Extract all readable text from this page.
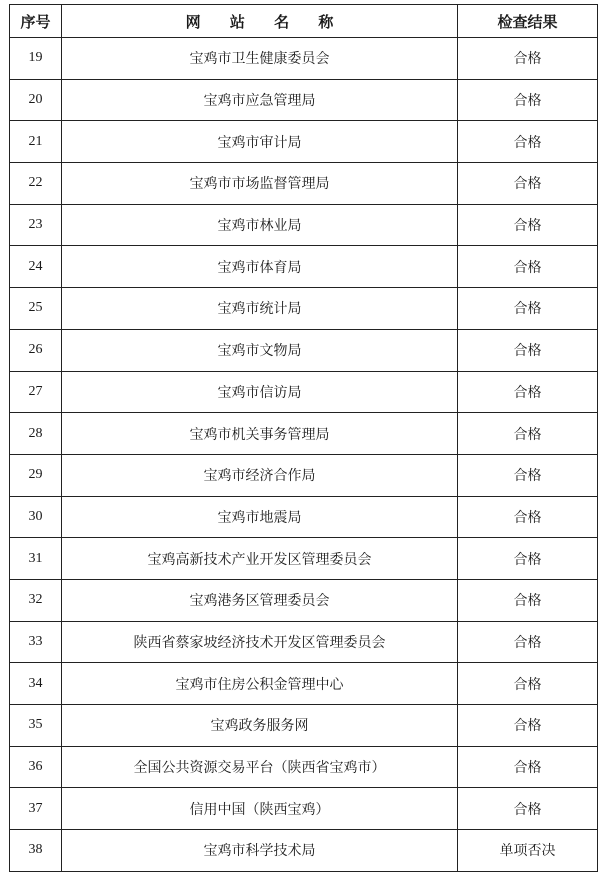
序号	网 站 名 称	检查结果
19	宝鸡市卫生健康委员会	合格
20	宝鸡市应急管理局	合格
21	宝鸡市审计局	合格
22	宝鸡市市场监督管理局	合格
23	宝鸡市林业局	合格
24	宝鸡市体育局	合格
25	宝鸡市统计局	合格
26	宝鸡市文物局	合格
27	宝鸡市信访局	合格
28	宝鸡市机关事务管理局	合格
29	宝鸡市经济合作局	合格
30	宝鸡市地震局	合格
31	宝鸡高新技术产业开发区管理委员会	合格
32	宝鸡港务区管理委员会	合格
33	陕西省蔡家坡经济技术开发区管理委员会	合格
34	宝鸡市住房公积金管理中心	合格
35	宝鸡政务服务网	合格
36	全国公共资源交易平台（陕西省宝鸡市）	合格
37	信用中国（陕西宝鸡）	合格
38	宝鸡市科学技术局	单项否决
